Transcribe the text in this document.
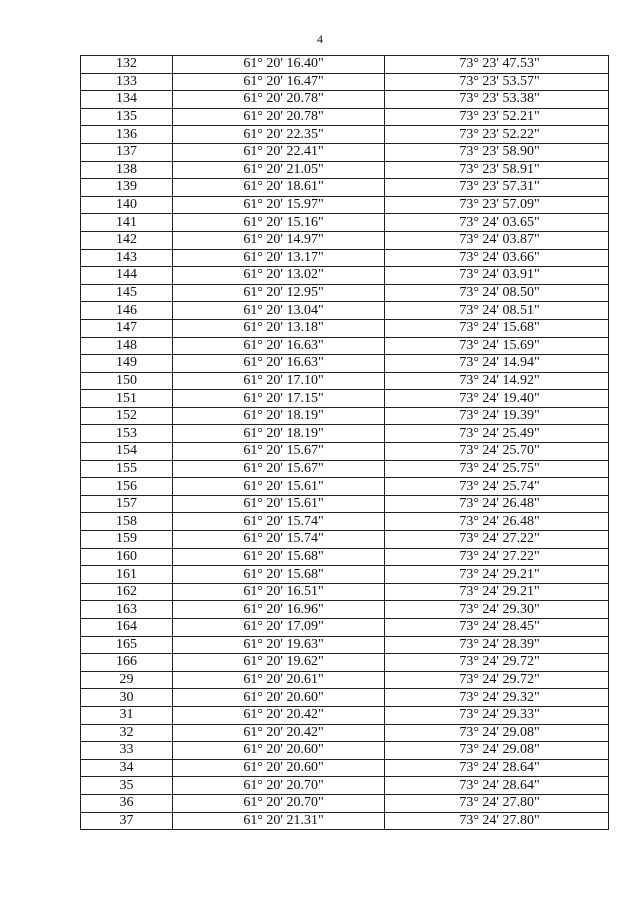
4
132	61° 20' 16.40"	73° 23' 47.53"
133	61° 20' 16.47"	73° 23' 53.57"
134	61° 20' 20.78"	73° 23' 53.38"
135	61° 20' 20.78"	73° 23' 52.21"
136	61° 20' 22.35"	73° 23' 52.22"
137	61° 20' 22.41"	73° 23' 58.90"
138	61° 20' 21.05"	73° 23' 58.91"
139	61° 20' 18.61"	73° 23' 57.31"
140	61° 20' 15.97"	73° 23' 57.09"
141	61° 20' 15.16"	73° 24' 03.65"
142	61° 20' 14.97"	73° 24' 03.87"
143	61° 20' 13.17"	73° 24' 03.66"
144	61° 20' 13.02"	73° 24' 03.91"
145	61° 20' 12.95"	73° 24' 08.50"
146	61° 20' 13.04"	73° 24' 08.51"
147	61° 20' 13.18"	73° 24' 15.68"
148	61° 20' 16.63"	73° 24' 15.69"
149	61° 20' 16.63"	73° 24' 14.94"
150	61° 20' 17.10"	73° 24' 14.92"
151	61° 20' 17.15"	73° 24' 19.40"
152	61° 20' 18.19"	73° 24' 19.39"
153	61° 20' 18.19"	73° 24' 25.49"
154	61° 20' 15.67"	73° 24' 25.70"
155	61° 20' 15.67"	73° 24' 25.75"
156	61° 20' 15.61"	73° 24' 25.74"
157	61° 20' 15.61"	73° 24' 26.48"
158	61° 20' 15.74"	73° 24' 26.48"
159	61° 20' 15.74"	73° 24' 27.22"
160	61° 20' 15.68"	73° 24' 27.22"
161	61° 20' 15.68"	73° 24' 29.21"
162	61° 20' 16.51"	73° 24' 29.21"
163	61° 20' 16.96"	73° 24' 29.30"
164	61° 20' 17.09"	73° 24' 28.45"
165	61° 20' 19.63"	73° 24' 28.39"
166	61° 20' 19.62"	73° 24' 29.72"
29	61° 20' 20.61"	73° 24' 29.72"
30	61° 20' 20.60"	73° 24' 29.32"
31	61° 20' 20.42"	73° 24' 29.33"
32	61° 20' 20.42"	73° 24' 29.08"
33	61° 20' 20.60"	73° 24' 29.08"
34	61° 20' 20.60"	73° 24' 28.64"
35	61° 20' 20.70"	73° 24' 28.64"
36	61° 20' 20.70"	73° 24' 27.80"
37	61° 20' 21.31"	73° 24' 27.80"
